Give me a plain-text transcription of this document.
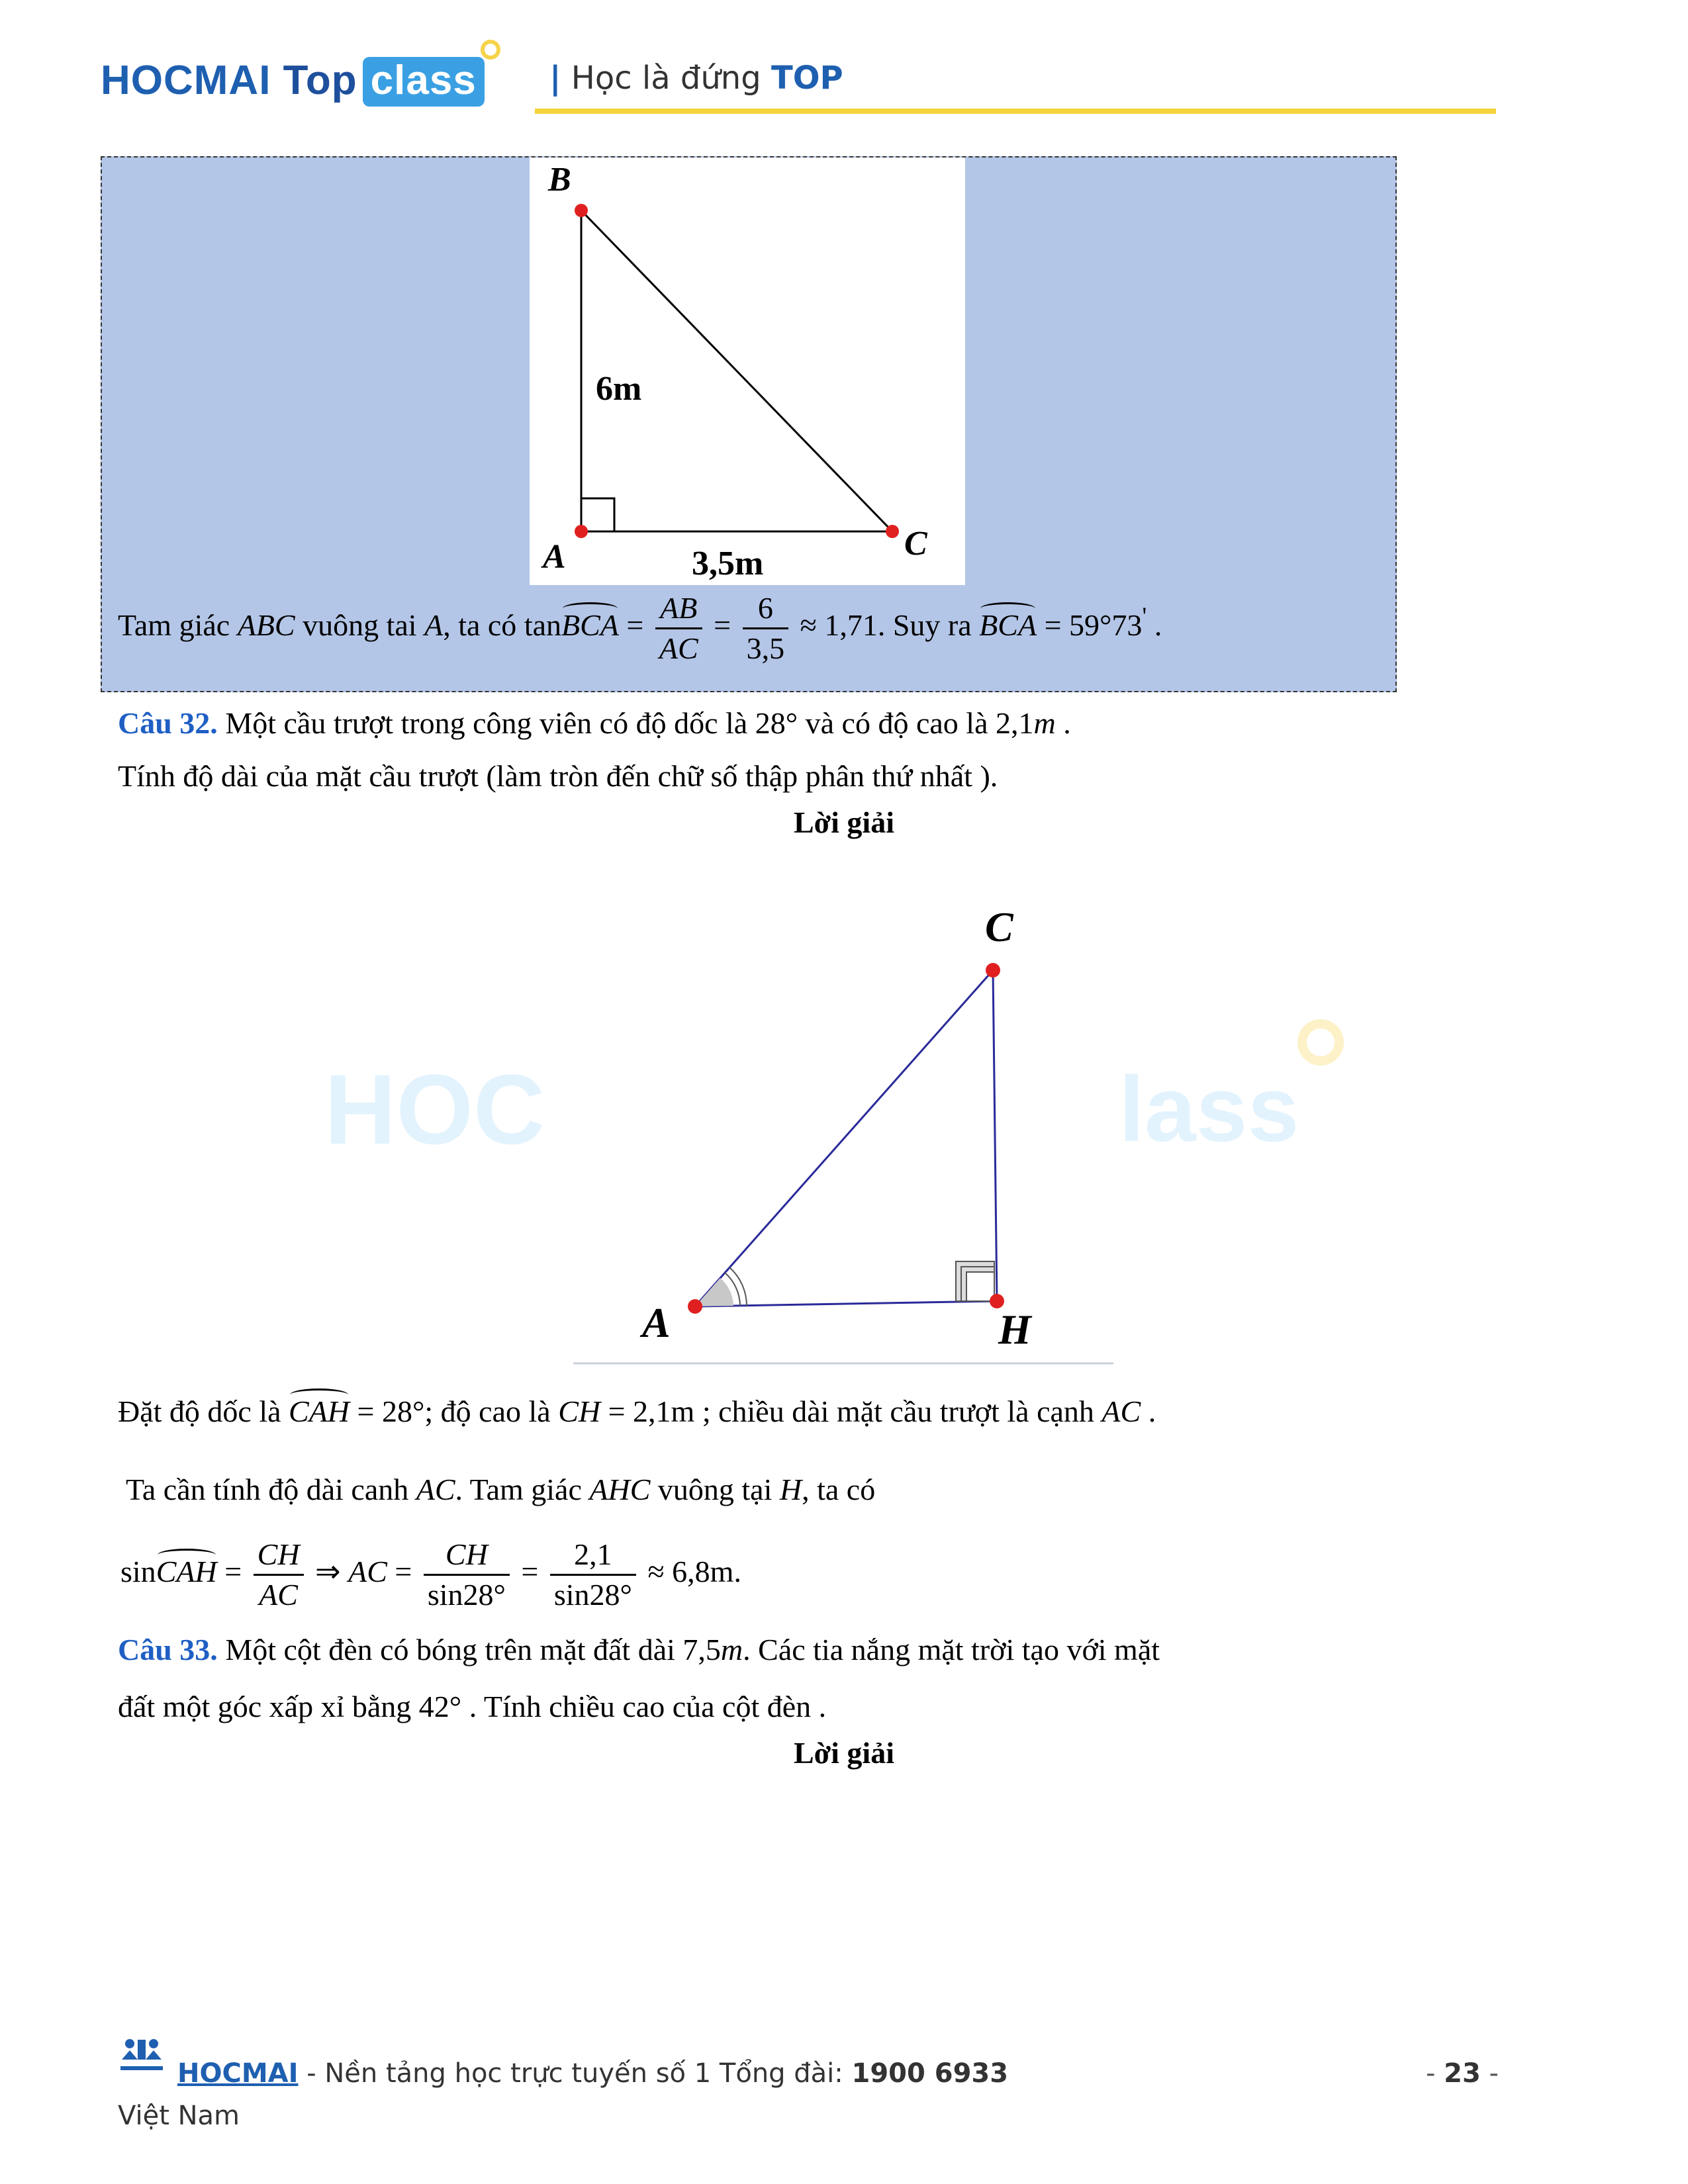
HOCMAI Top class | Học là đứng TOP
B
A	C
6m
3,5m
Tam giác ABC vuông tai A, ta có tanBCA = $\frac{AB}{AC} = \frac{6}{3,5} \approx 1,71$. Suy ra BCA = 59°73' .
Câu 32. Một cầu trượt trong công viên có độ dốc là 28° và có độ cao là 2,1m .
Tính độ dài của mặt cầu trượt (làm tròn đến chữ số thập phân thứ nhất ).
Lời giải
HOC	lass
C
A	H
Đặt độ dốc là CAH = 28°; độ cao là CH = 2,1m ; chiều dài mặt cầu trượt là cạnh AC .
Ta cần tính độ dài canh AC. Tam giác AHC vuông tại H, ta có
sinCAH = $\frac{CH}{AC}$ ⇒ AC = $\frac{CH}{\sin 28^\circ} = \frac{2,1}{\sin 28^\circ} \approx 6,8m$.
Câu 33. Một cột đèn có bóng trên mặt đất dài 7,5m. Các tia nắng mặt trời tạo với mặt
đất một góc xấp xỉ bằng 42° . Tính chiều cao của cột đèn .
Lời giải
HOCMAI - Nền tảng học trực tuyến số 1 Tổng đài: 1900 6933
Việt Nam
- 23 -
